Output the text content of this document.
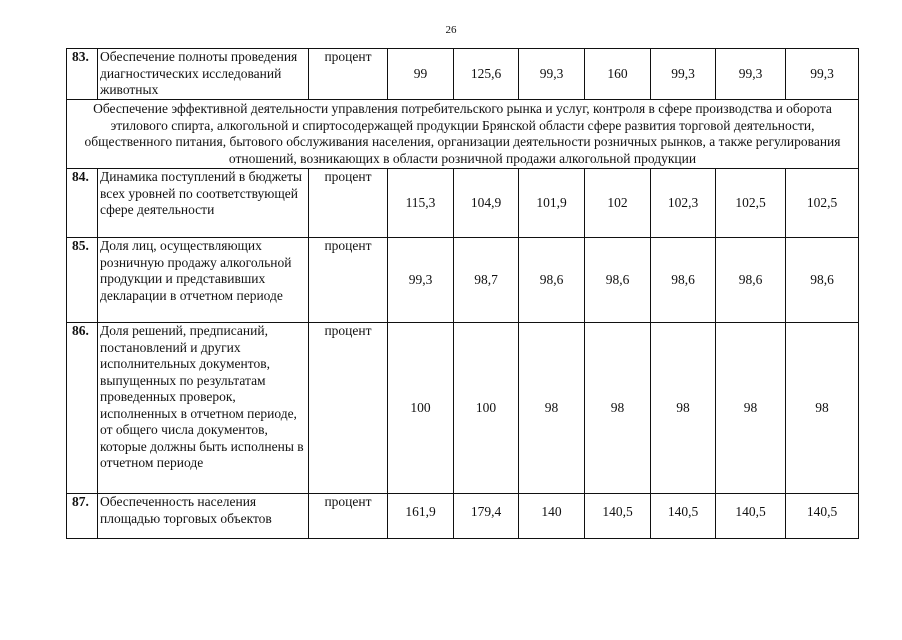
26
83.	Обеспечение полноты проведения диагностических исследований животных	процент	99	125,6	99,3	160	99,3	99,3	99,3
Обеспечение эффективной деятельности управления потребительского рынка и услуг, контроля в сфере производства и оборота этилового спирта, алкогольной и спиртосодержащей продукции Брянской области сфере развития торговой деятельности, общественного питания, бытового обслуживания населения, организации деятельности розничных рынков, а также регулирования отношений, возникающих в области розничной продажи алкогольной продукции									
84.	Динамика поступлений в бюджеты всех уровней по соответствующей сфере деятельности	процент	115,3	104,9	101,9	102	102,3	102,5	102,5
85.	Доля лиц, осуществляющих розничную продажу алкогольной продукции и представивших декларации в отчетном периоде	процент	99,3	98,7	98,6	98,6	98,6	98,6	98,6
86.	Доля решений, предписаний, постановлений и других исполнительных документов, выпущенных по результатам проведенных проверок, исполненных в отчетном периоде, от общего числа документов, которые должны быть исполнены в отчетном периоде	процент	100	100	98	98	98	98	98
87.	Обеспеченность населения площадью торговых объектов	процент	161,9	179,4	140	140,5	140,5	140,5	140,5
